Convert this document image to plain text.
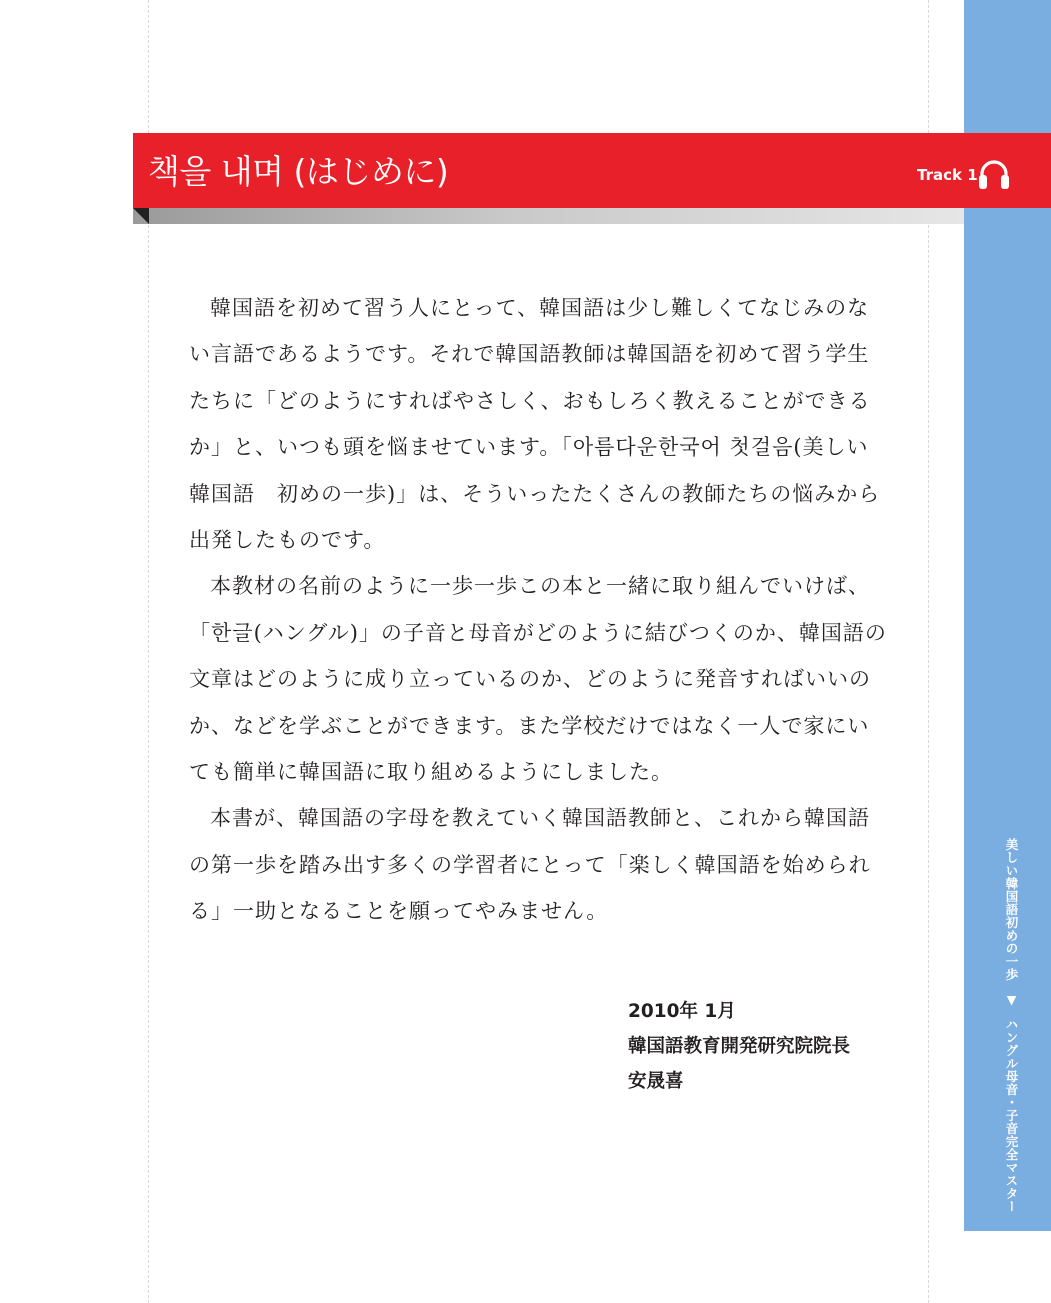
美しい韓国語初めの一歩 ▼ ハングル母音・子音完全マスター
책을 내며 (はじめに)	Track 1

韓国語を初めて習う人にとって、韓国語は少し難しくてなじみのない言語であるようです。それで韓国語教師は韓国語を初めて習う学生たちに「どのようにすればやさしく、おもしろく教えることができるか」と、いつも頭を悩ませています。「아름다운한국어 첫걸음(美しい韓国語　初めの一歩)」は、そういったたくさんの教師たちの悩みから出発したものです。

本教材の名前のように一歩一歩この本と一緒に取り組んでいけば、「한글(ハングル)」の子音と母音がどのように結びつくのか、韓国語の文章はどのように成り立っているのか、どのように発音すればいいのか、などを学ぶことができます。また学校だけではなく一人で家にいても簡単に韓国語に取り組めるようにしました。

本書が、韓国語の字母を教えていく韓国語教師と、これから韓国語の第一歩を踏み出す多くの学習者にとって「楽しく韓国語を始められる」一助となることを願ってやみません。

2010年 1月
韓国語教育開発研究院院長
安晟喜
